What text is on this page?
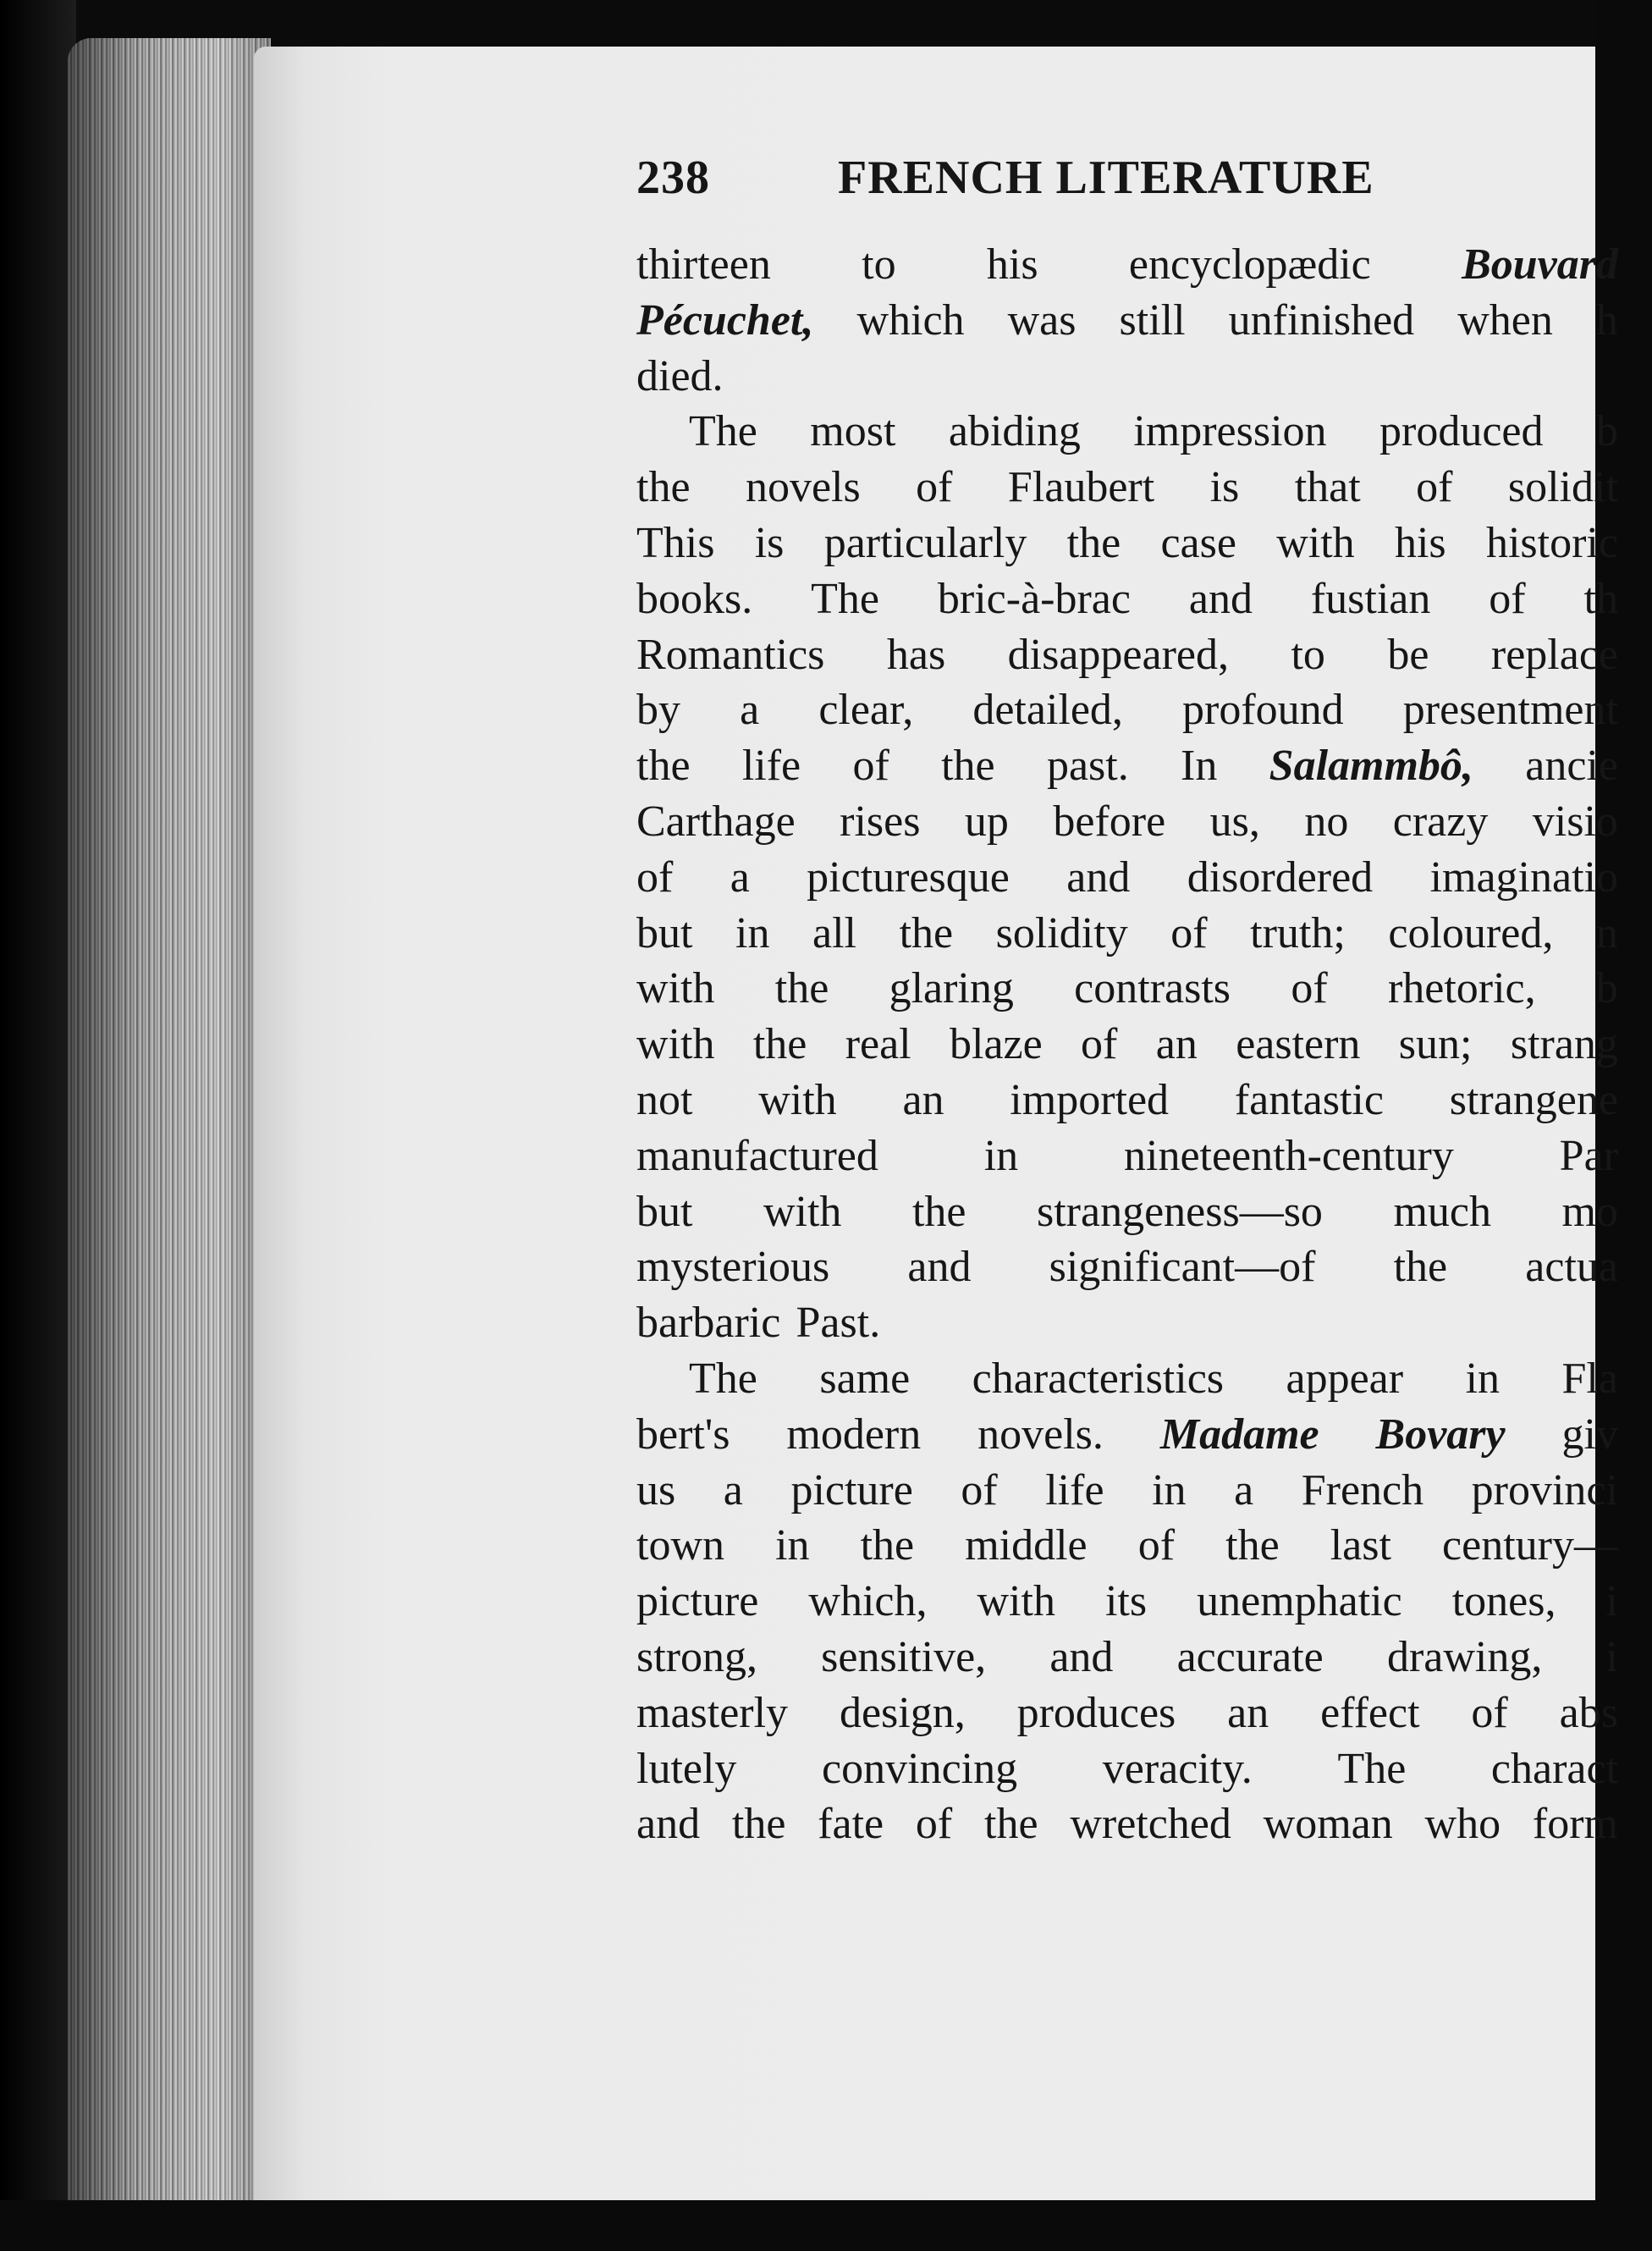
238	FRENCH LITERATURE
thirteen to his encyclopædic Bouvard
Pécuchet, which was still unfinished when h
died.
The most abiding impression produced b
the novels of Flaubert is that of solidit
This is particularly the case with his historic
books. The bric-à-brac and fustian of th
Romantics has disappeared, to be replace
by a clear, detailed, profound presentment
the life of the past. In Salammbô, ancie
Carthage rises up before us, no crazy visio
of a picturesque and disordered imaginatio
but in all the solidity of truth; coloured, n
with the glaring contrasts of rhetoric, b
with the real blaze of an eastern sun; strang
not with an imported fantastic strangene
manufactured in nineteenth-century Par
but with the strangeness—so much mo
mysterious and significant—of the actua
barbaric Past.
The same characteristics appear in Fla
bert's modern novels. Madame Bovary giv
us a picture of life in a French provinci
town in the middle of the last century—
picture which, with its unemphatic tones, i
strong, sensitive, and accurate drawing, i
masterly design, produces an effect of abs
lutely convincing veracity. The charact
and the fate of the wretched woman who form
